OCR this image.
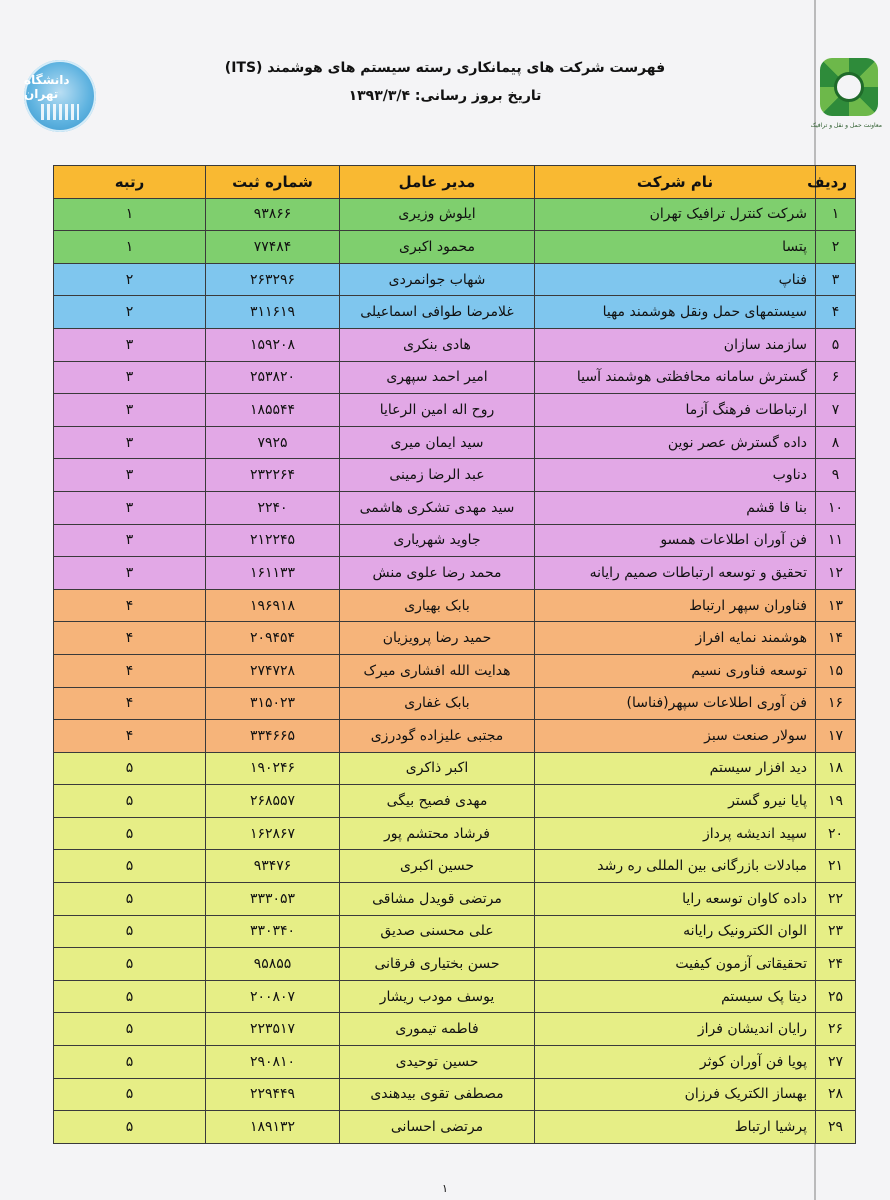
دانشگاه تهران
معاونت حمل و نقل و ترافیک
فهرست شرکت های پیمانکاری رسته سیستم های هوشمند (ITS)
تاریخ بروز رسانی: ۱۳۹۳/۳/۴
ردیف	نام شرکت	مدیر عامل	شماره ثبت	رتبه
۱	شرکت کنترل ترافیک تهران	ایلوش وزیری	۹۳۸۶۶	۱
۲	پتسا	محمود اکبری	۷۷۴۸۴	۱
۳	فناپ	شهاب جوانمردی	۲۶۳۲۹۶	۲
۴	سیستمهای حمل ونقل هوشمند مهیا	غلامرضا طوافی اسماعیلی	۳۱۱۶۱۹	۲
۵	سازمند سازان	هادی بنکری	۱۵۹۲۰۸	۳
۶	گسترش سامانه محافظتی هوشمند آسیا	امیر احمد سپهری	۲۵۳۸۲۰	۳
۷	ارتباطات فرهنگ آزما	روح اله امین الرعایا	۱۸۵۵۴۴	۳
۸	داده گسترش عصر نوین	سید ایمان میری	۷۹۲۵	۳
۹	دناوب	عبد الرضا زمینی	۲۳۲۲۶۴	۳
۱۰	بنا فا قشم	سید مهدی تشکری هاشمی	۲۲۴۰	۳
۱۱	فن آوران اطلاعات همسو	جاوید شهریاری	۲۱۲۲۴۵	۳
۱۲	تحقیق و توسعه ارتباطات صمیم رایانه	محمد رضا علوی منش	۱۶۱۱۳۳	۳
۱۳	فناوران سپهر ارتباط	بابک بهیاری	۱۹۶۹۱۸	۴
۱۴	هوشمند نمایه افراز	حمید رضا پرویزیان	۲۰۹۴۵۴	۴
۱۵	توسعه فناوری نسیم	هدایت الله افشاری میرک	۲۷۴۷۲۸	۴
۱۶	فن آوری اطلاعات سپهر(فناسا)	بابک غفاری	۳۱۵۰۲۳	۴
۱۷	سولار صنعت سبز	مجتبی علیزاده گودرزی	۳۳۴۶۶۵	۴
۱۸	دید افزار سیستم	اکبر ذاکری	۱۹۰۲۴۶	۵
۱۹	پایا نیرو گستر	مهدی فصیح بیگی	۲۶۸۵۵۷	۵
۲۰	سپید اندیشه پرداز	فرشاد محتشم پور	۱۶۲۸۶۷	۵
۲۱	مبادلات بازرگانی بین المللی ره رشد	حسین اکبری	۹۳۴۷۶	۵
۲۲	داده کاوان توسعه رایا	مرتضی قویدل مشاقی	۳۳۳۰۵۳	۵
۲۳	الوان الکترونیک رایانه	علی محسنی صدیق	۳۳۰۳۴۰	۵
۲۴	تحقیقاتی آزمون کیفیت	حسن بختیاری فرقانی	۹۵۸۵۵	۵
۲۵	دیتا پک سیستم	یوسف مودب ریشار	۲۰۰۸۰۷	۵
۲۶	رایان اندیشان فراز	فاطمه تیموری	۲۲۳۵۱۷	۵
۲۷	پویا فن آوران کوثر	حسین توحیدی	۲۹۰۸۱۰	۵
۲۸	بهساز الکتریک فرزان	مصطفی تقوی بیدهندی	۲۲۹۴۴۹	۵
۲۹	پرشیا ارتباط	مرتضی احسانی	۱۸۹۱۳۲	۵
۱
